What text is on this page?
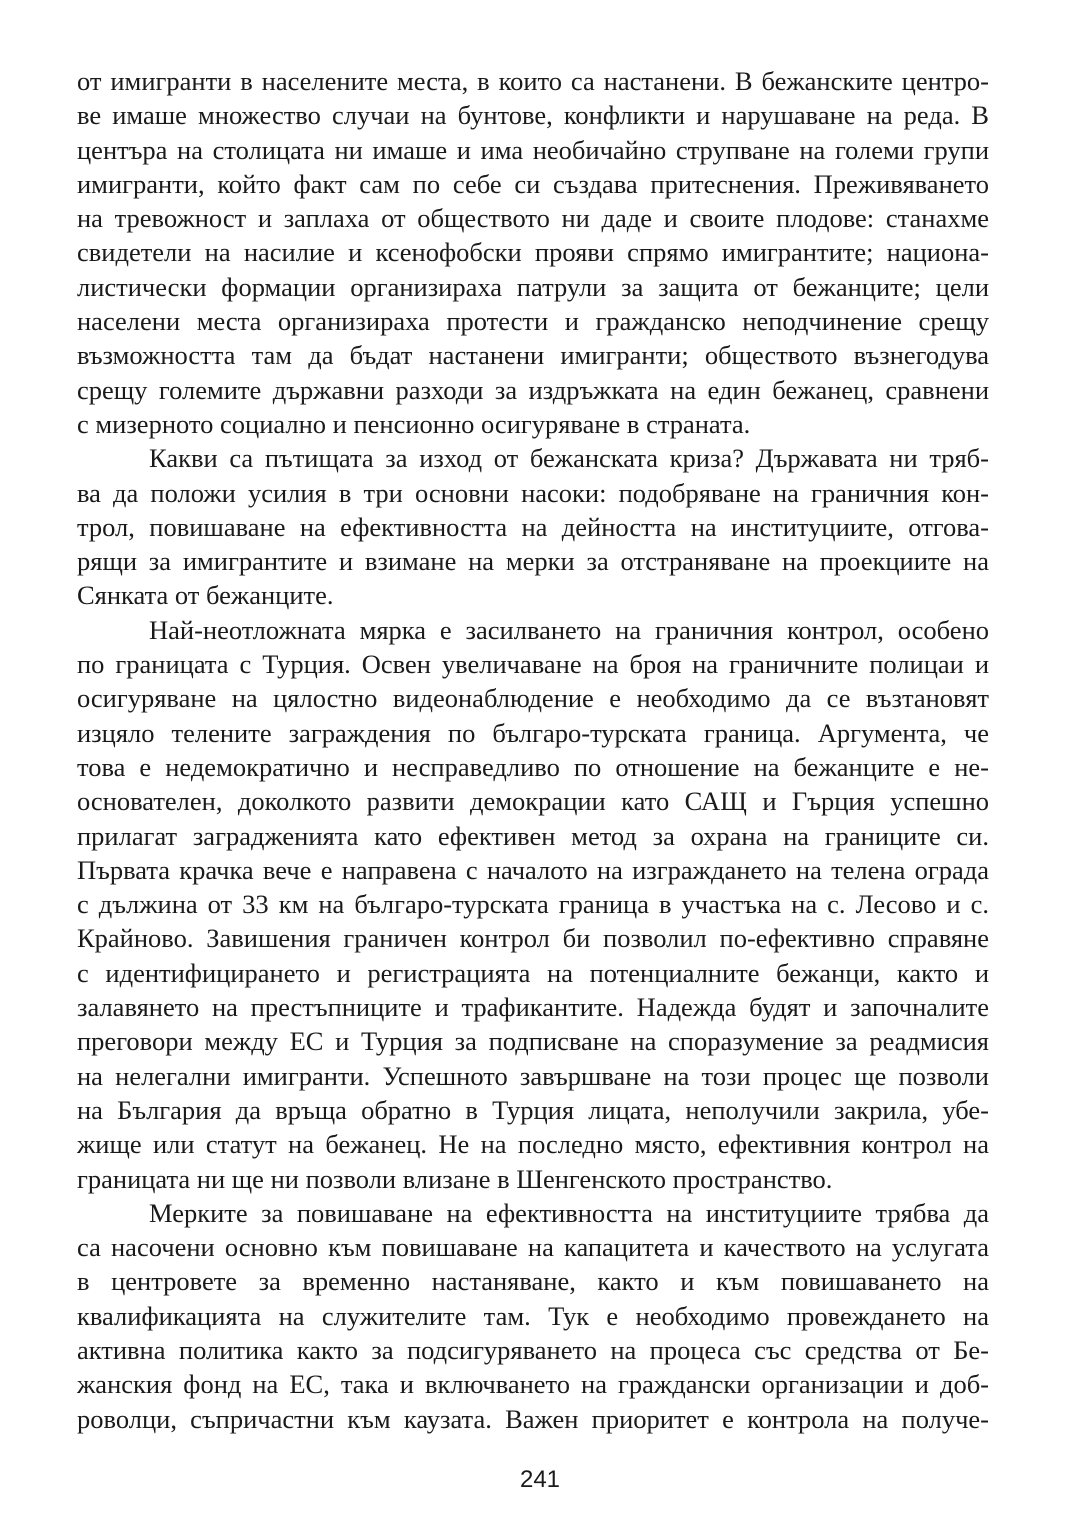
от имигранти в населените места, в които са настанени. В бежанските центро-
ве имаше множество случаи на бунтове, конфликти и нарушаване на реда. В
центъра на столицата ни имаше и има необичайно струпване на големи групи
имигранти, който факт сам по себе си създава притеснения. Преживяването
на тревожност и заплаха от обществото ни даде и своите плодове: станахме
свидетели на насилие и ксенофобски прояви спрямо имигрантите; национа-
листически формации организираха патрули за защита от бежанците; цели
населени места организираха протести и гражданско неподчинение срещу
възможността там да бъдат настанени имигранти; обществото възнегодува
срещу големите държавни разходи за издръжката на един бежанец, сравнени
с мизерното социално и пенсионно осигуряване в страната.
Какви са пътищата за изход от бежанската криза? Държавата ни тряб-
ва да положи усилия в три основни насоки: подобряване на граничния кон-
трол, повишаване на ефективността на дейността на институциите, отгова-
рящи за имигрантите и взимане на мерки за отстраняване на проекциите на
Сянката от бежанците.
Най-неотложната мярка е засилването на граничния контрол, особено
по границата с Турция. Освен увеличаване на броя на граничните полицаи и
осигуряване на цялостно видеонаблюдение е необходимо да се възтановят
изцяло телените заграждения по българо-турската граница. Аргумента, че
това е недемократично и несправедливо по отношение на бежанците е не-
основателен, доколкото развити демокрации като САЩ и Гърция успешно
прилагат заградженията като ефективен метод за охрана на границите си.
Първата крачка вече е направена с началото на изграждането на телена ограда
с дължина от 33 км на българо-турската граница в участъка на с. Лесово и с.
Крайново. Завишения граничен контрол би позволил по-ефективно справяне
с идентифицирането и регистрацията на потенциалните бежанци, както и
залавянето на престъпниците и трафикантите. Надежда будят и започналите
преговори между ЕС и Турция за подписване на споразумение за реадмисия
на нелегални имигранти. Успешното завършване на този процес ще позволи
на България да връща обратно в Турция лицата, неполучили закрила, убе-
жище или статут на бежанец. Не на последно място, ефективния контрол на
границата ни ще ни позволи влизане в Шенгенското пространство.
Мерките за повишаване на ефективността на институциите трябва да
са насочени основно към повишаване на капацитета и качеството на услугата
в центровете за временно настаняване, както и към повишаването на
квалификацията на служителите там. Тук е необходимо провеждането на
активна политика както за подсигуряването на процеса със средства от Бе-
жанския фонд на ЕС, така и включването на граждански организации и доб-
роволци, съпричастни към каузата. Важен приоритет е контрола на получе-
241
